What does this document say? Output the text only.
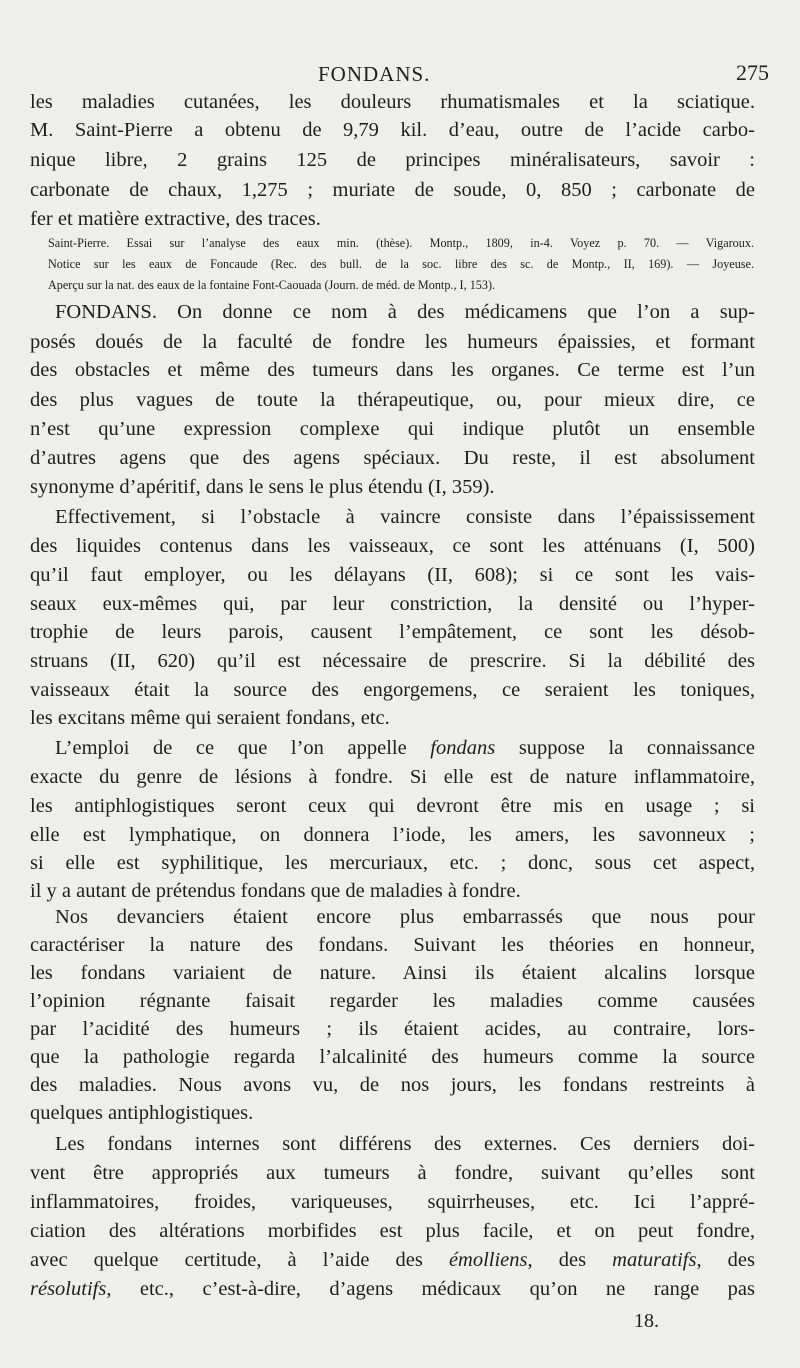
FONDANS.	275
les maladies cutanées, les douleurs rhumatismales et la sciatique.
M. Saint-Pierre a obtenu de 9,79 kil. d’eau, outre de l’acide carbo-
nique libre, 2 grains 125 de principes minéralisateurs, savoir :
carbonate de chaux, 1,275 ; muriate de soude, 0, 850 ; carbonate de
fer et matière extractive, des traces.
Saint-Pierre. Essai sur l’analyse des eaux min. (thèse). Montp., 1809, in-4. Voyez p. 70. — Vigaroux.
Notice sur les eaux de Foncaude (Rec. des bull. de la soc. libre des sc. de Montp., II, 169). — Joyeuse.
Aperçu sur la nat. des eaux de la fontaine Font-Caouada (Journ. de méd. de Montp., I, 153).
FONDANS. On donne ce nom à des médicamens que l’on a sup-
posés doués de la faculté de fondre les humeurs épaissies, et formant
des obstacles et même des tumeurs dans les organes. Ce terme est l’un
des plus vagues de toute la thérapeutique, ou, pour mieux dire, ce
n’est qu’une expression complexe qui indique plutôt un ensemble
d’autres agens que des agens spéciaux. Du reste, il est absolument
synonyme d’apéritif, dans le sens le plus étendu (I, 359).
Effectivement, si l’obstacle à vaincre consiste dans l’épaississement
des liquides contenus dans les vaisseaux, ce sont les atténuans (I, 500)
qu’il faut employer, ou les délayans (II, 608); si ce sont les vais-
seaux eux-mêmes qui, par leur constriction, la densité ou l’hyper-
trophie de leurs parois, causent l’empâtement, ce sont les désob-
struans (II, 620) qu’il est nécessaire de prescrire. Si la débilité des
vaisseaux était la source des engorgemens, ce seraient les toniques,
les excitans même qui seraient fondans, etc.
L’emploi de ce que l’on appelle fondans suppose la connaissance
exacte du genre de lésions à fondre. Si elle est de nature inflammatoire,
les antiphlogistiques seront ceux qui devront être mis en usage ; si
elle est lymphatique, on donnera l’iode, les amers, les savonneux ;
si elle est syphilitique, les mercuriaux, etc. ; donc, sous cet aspect,
il y a autant de prétendus fondans que de maladies à fondre.
Nos devanciers étaient encore plus embarrassés que nous pour
caractériser la nature des fondans. Suivant les théories en honneur,
les fondans variaient de nature. Ainsi ils étaient alcalins lorsque
l’opinion régnante faisait regarder les maladies comme causées
par l’acidité des humeurs ; ils étaient acides, au contraire, lors-
que la pathologie regarda l’alcalinité des humeurs comme la source
des maladies. Nous avons vu, de nos jours, les fondans restreints à
quelques antiphlogistiques.
Les fondans internes sont différens des externes. Ces derniers doi-
vent être appropriés aux tumeurs à fondre, suivant qu’elles sont
inflammatoires, froides, variqueuses, squirrheuses, etc. Ici l’appré-
ciation des altérations morbifides est plus facile, et on peut fondre,
avec quelque certitude, à l’aide des émolliens, des maturatifs, des
résolutifs, etc., c’est-à-dire, d’agens médicaux qu’on ne range pas
18.
